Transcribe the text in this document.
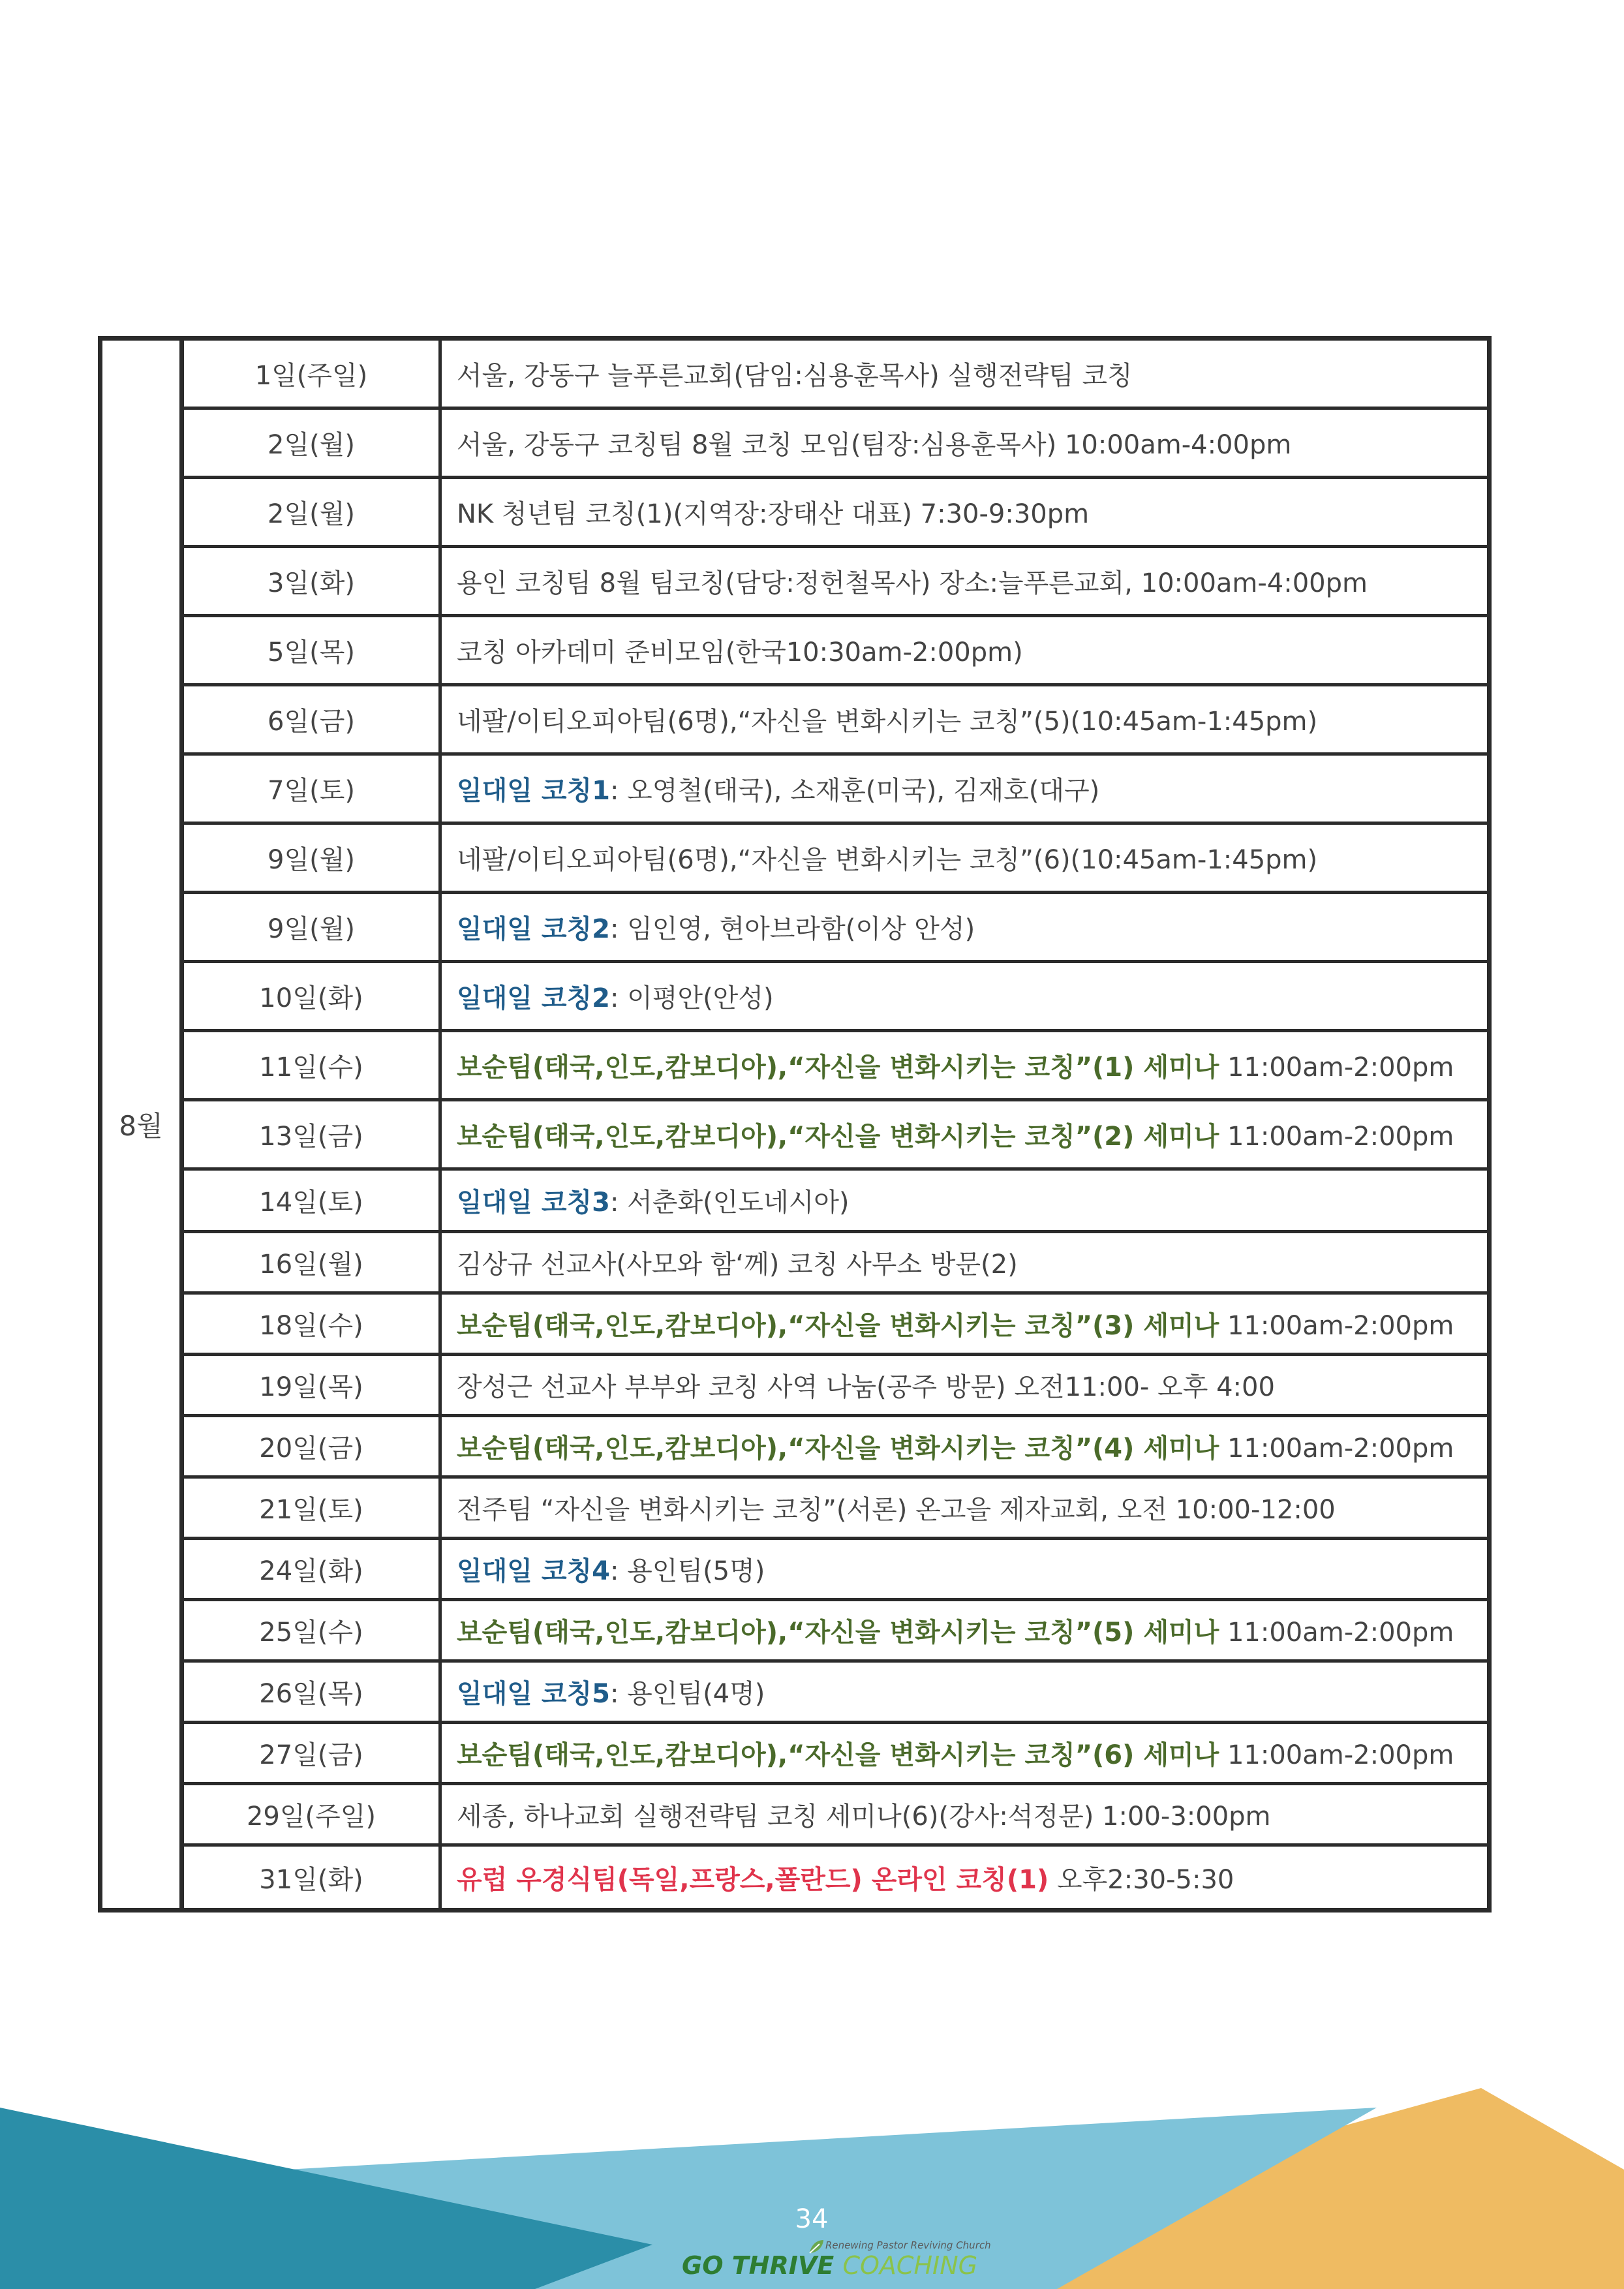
8월
1일(주일)	서울, 강동구 늘푸른교회(담임:심용훈목사) 실행전략팀 코칭
2일(월)	서울, 강동구 코칭팀 8월 코칭 모임(팀장:심용훈목사) 10:00am-4:00pm
2일(월)	NK 청년팀 코칭(1)(지역장:장태산 대표) 7:30-9:30pm
3일(화)	용인 코칭팀 8월 팀코칭(담당:정헌철목사) 장소:늘푸른교회, 10:00am-4:00pm
5일(목)	코칭 아카데미 준비모임(한국10:30am-2:00pm)
6일(금)	네팔/이티오피아팀(6명),“자신을 변화시키는 코칭”(5)(10:45am-1:45pm)
7일(토)	일대일 코칭1: 오영철(태국), 소재훈(미국), 김재호(대구)
9일(월)	네팔/이티오피아팀(6명),“자신을 변화시키는 코칭”(6)(10:45am-1:45pm)
9일(월)	일대일 코칭2: 임인영, 현아브라함(이상 안성)
10일(화)	일대일 코칭2: 이평안(안성)
11일(수)	보순팀(태국,인도,캄보디아),“자신을 변화시키는 코칭”(1) 세미나 11:00am-2:00pm
13일(금)	보순팀(태국,인도,캄보디아),“자신을 변화시키는 코칭”(2) 세미나 11:00am-2:00pm
14일(토)	일대일 코칭3: 서춘화(인도네시아)
16일(월)	김상규 선교사(사모와 함‘께) 코칭 사무소 방문(2)
18일(수)	보순팀(태국,인도,캄보디아),“자신을 변화시키는 코칭”(3) 세미나 11:00am-2:00pm
19일(목)	장성근 선교사 부부와 코칭 사역 나눔(공주 방문) 오전11:00- 오후 4:00
20일(금)	보순팀(태국,인도,캄보디아),“자신을 변화시키는 코칭”(4) 세미나 11:00am-2:00pm
21일(토)	전주팀 “자신을 변화시키는 코칭”(서론) 온고을 제자교회, 오전 10:00-12:00
24일(화)	일대일 코칭4: 용인팀(5명)
25일(수)	보순팀(태국,인도,캄보디아),“자신을 변화시키는 코칭”(5) 세미나 11:00am-2:00pm
26일(목)	일대일 코칭5: 용인팀(4명)
27일(금)	보순팀(태국,인도,캄보디아),“자신을 변화시키는 코칭”(6) 세미나 11:00am-2:00pm
29일(주일)	세종, 하나교회 실행전략팀 코칭 세미나(6)(강사:석정문) 1:00-3:00pm
31일(화)	유럽 우경식팀(독일,프랑스,폴란드) 온라인 코칭(1) 오후2:30-5:30
34
Renewing Pastor Reviving Church
GO THRIVE COACHING
